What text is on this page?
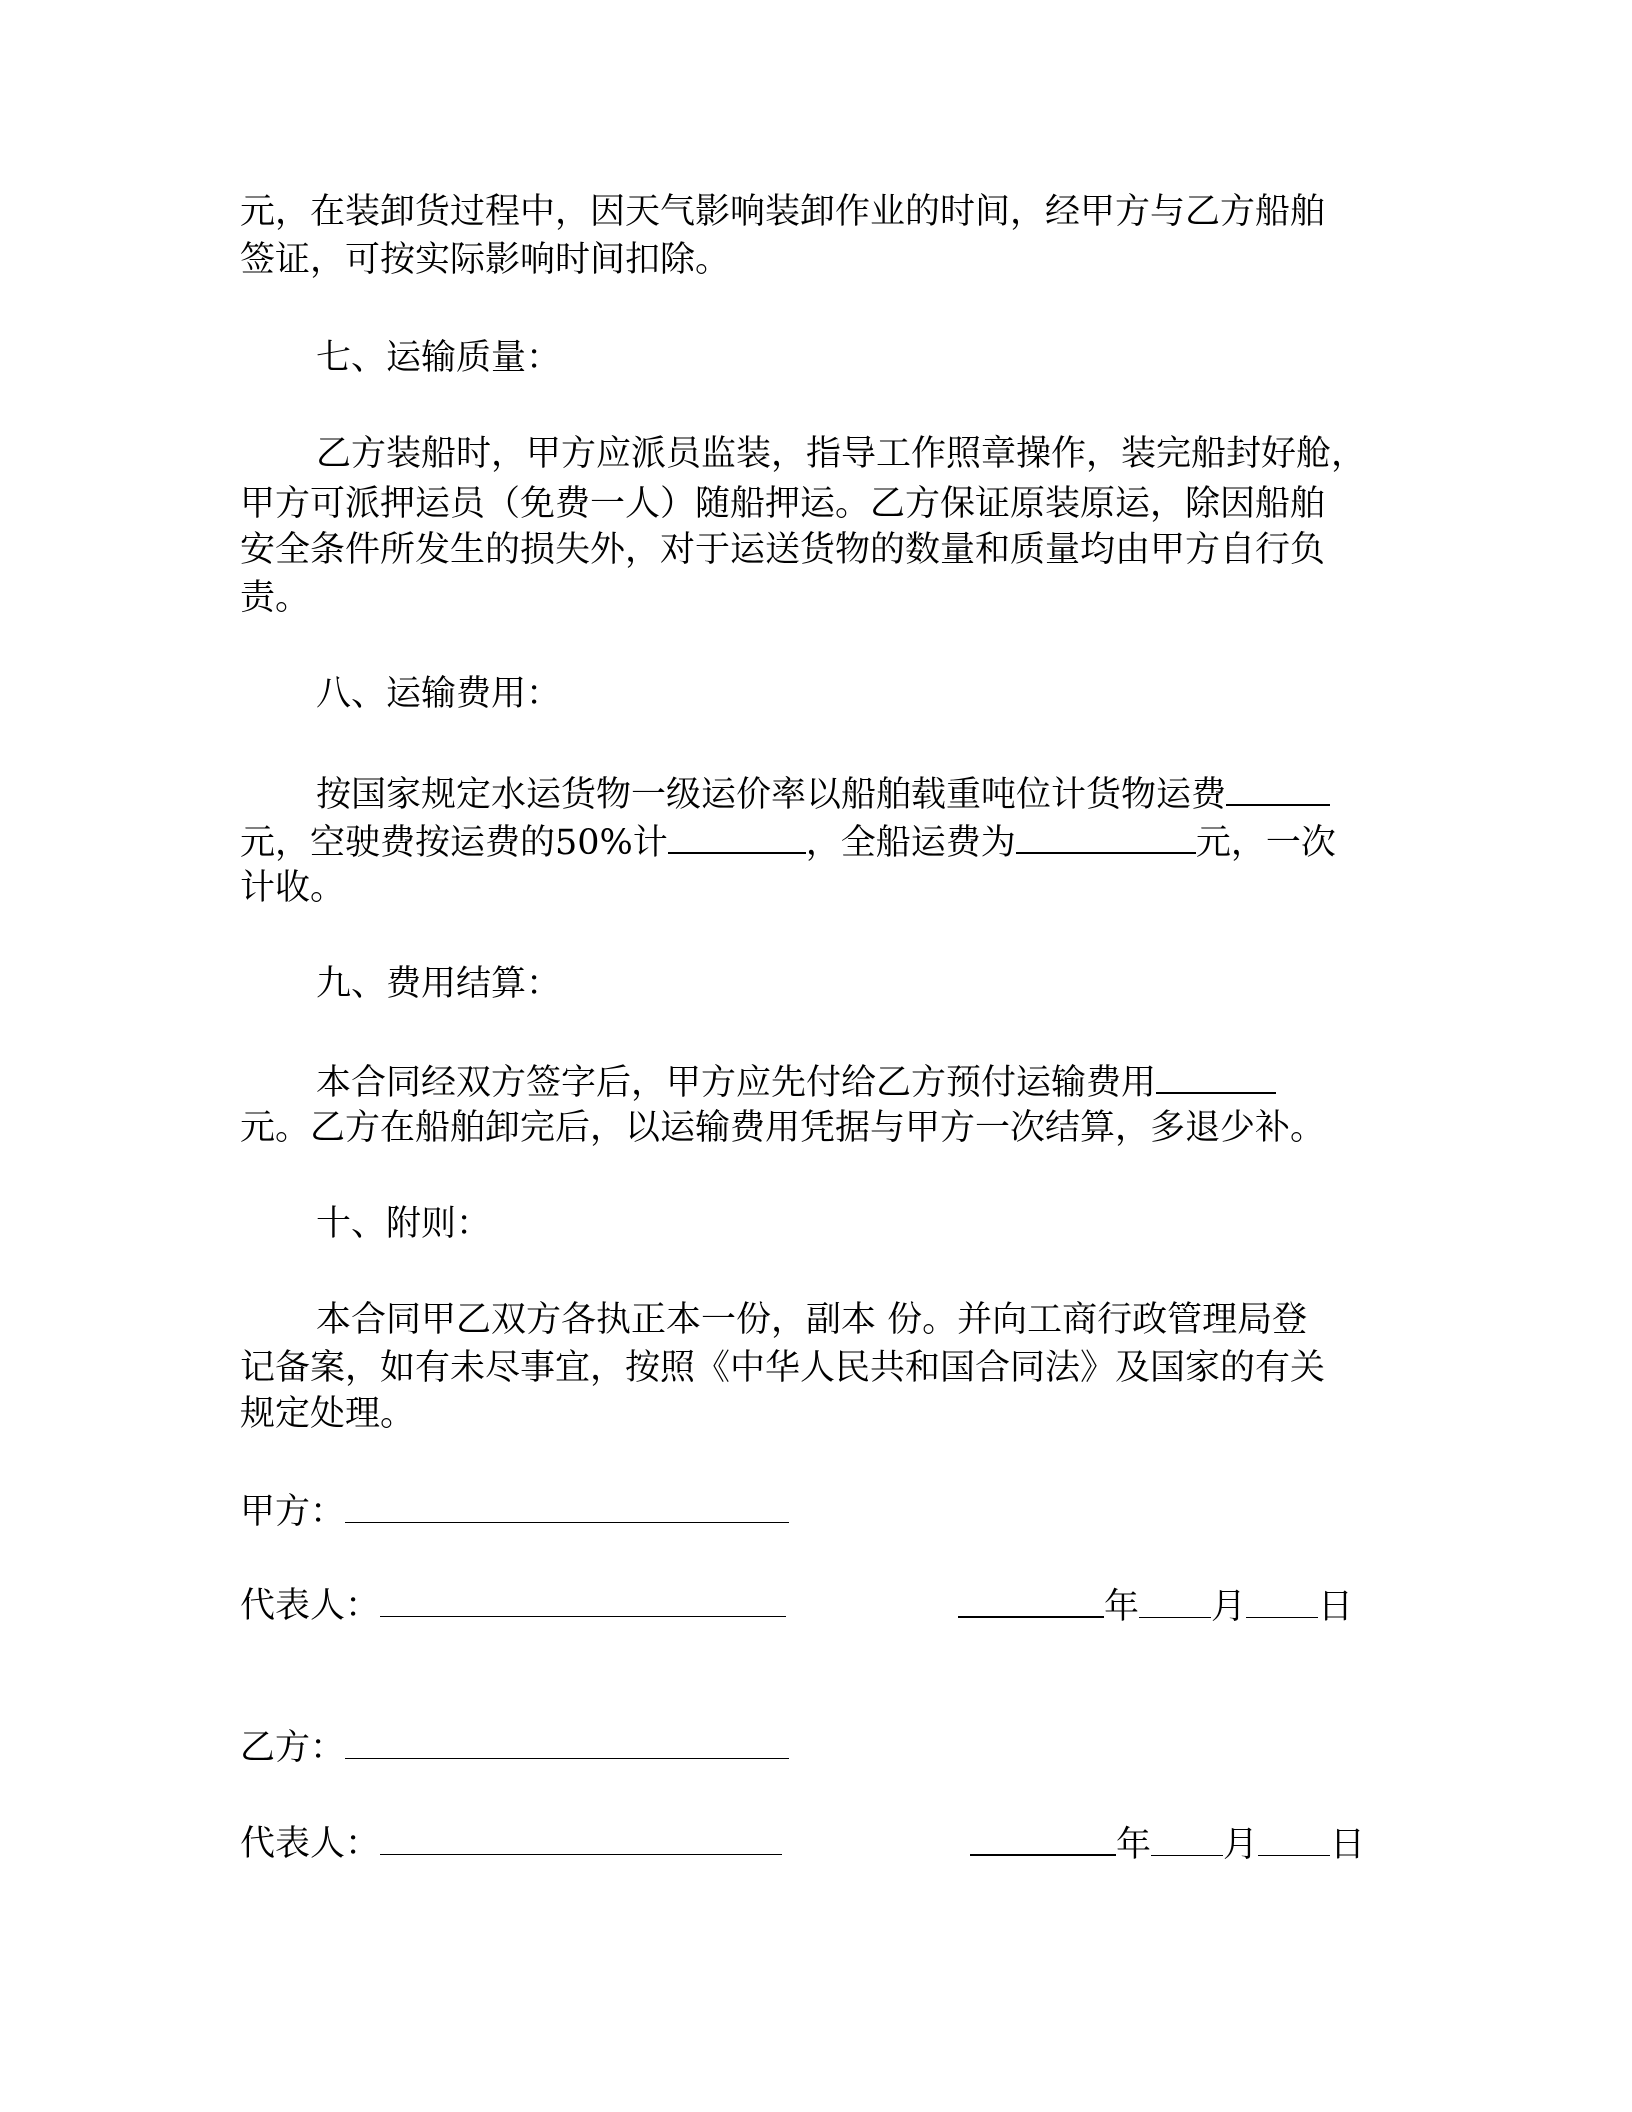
元，在装卸货过程中，因天气影响装卸作业的时间，经甲方与乙方船舶
签证，可按实际影响时间扣除。
七、运输质量：
乙方装船时，甲方应派员监装，指导工作照章操作，装完船封好舱，
甲方可派押运员（免费一人）随船押运。乙方保证原装原运，除因船舶
安全条件所发生的损失外，对于运送货物的数量和质量均由甲方自行负
责。
八、运输费用：
按国家规定水运货物一级运价率以船舶载重吨位计货物运费
元，空驶费按运费的50%计	，全船运费为	元，一次
计收。
九、费用结算：
本合同经双方签字后，甲方应先付给乙方预付运输费用
元。乙方在船舶卸完后，以运输费用凭据与甲方一次结算，多退少补。
十、附则：
本合同甲乙双方各执正本一份，副本 份。并向工商行政管理局登
记备案，如有未尽事宜，按照《中华人民共和国合同法》及国家的有关
规定处理。
甲方：
代表人：	年 月 日
乙方：
代表人：	年 月 日
